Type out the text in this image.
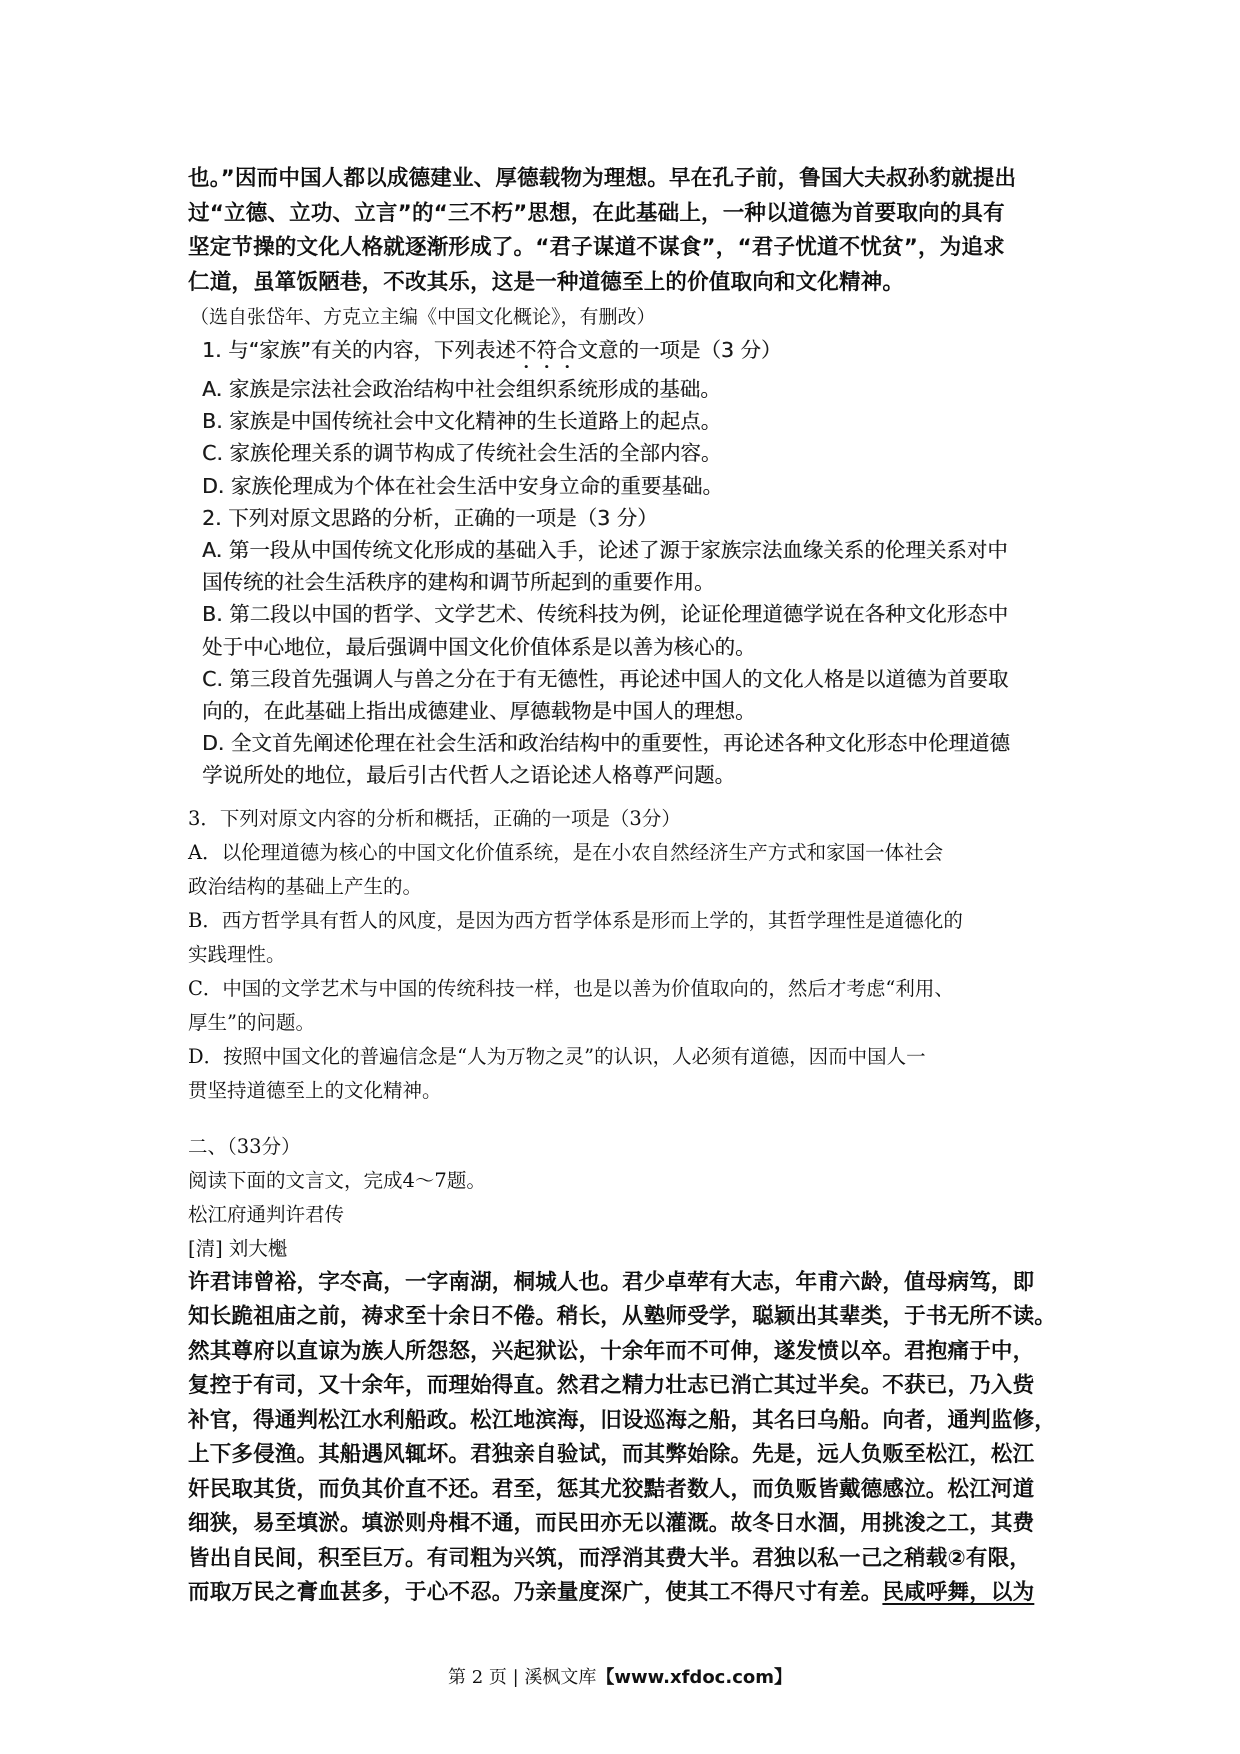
也。”因而中国人都以成德建业、厚德载物为理想。早在孔子前，鲁国大夫叔孙豹就提出
过“立德、立功、立言”的“三不朽”思想，在此基础上，一种以道德为首要取向的具有
坚定节操的文化人格就逐渐形成了。“君子谋道不谋食”，“君子忧道不忧贫”，为追求
仁道，虽箪饭陋巷，不改其乐，这是一种道德至上的价值取向和文化精神。

（选自张岱年、方克立主编《中国文化概论》，有删改）

1. 与“家族”有关的内容，下列表述不符合文意的一项是（3 分）
A. 家族是宗法社会政治结构中社会组织系统形成的基础。
B. 家族是中国传统社会中文化精神的生长道路上的起点。
C. 家族伦理关系的调节构成了传统社会生活的全部内容。
D. 家族伦理成为个体在社会生活中安身立命的重要基础。
2. 下列对原文思路的分析，正确的一项是（3 分）
A. 第一段从中国传统文化形成的基础入手，论述了源于家族宗法血缘关系的伦理关系对中
国传统的社会生活秩序的建构和调节所起到的重要作用。
B. 第二段以中国的哲学、文学艺术、传统科技为例，论证伦理道德学说在各种文化形态中
处于中心地位，最后强调中国文化价值体系是以善为核心的。
C. 第三段首先强调人与兽之分在于有无德性，再论述中国人的文化人格是以道德为首要取
向的，在此基础上指出成德建业、厚德载物是中国人的理想。
D. 全文首先阐述伦理在社会生活和政治结构中的重要性，再论述各种文化形态中伦理道德
学说所处的地位，最后引古代哲人之语论述人格尊严问题。
3．下列对原文内容的分析和概括，正确的一项是（3分）
A．以伦理道德为核心的中国文化价值系统，是在小农自然经济生产方式和家国一体社会
政治结构的基础上产生的。
B．西方哲学具有哲人的风度，是因为西方哲学体系是形而上学的，其哲学理性是道德化的
实践理性。
C．中国的文学艺术与中国的传统科技一样，也是以善为价值取向的，然后才考虑“利用、
厚生”的问题。
D．按照中国文化的普遍信念是“人为万物之灵”的认识，人必须有道德，因而中国人一
贯坚持道德至上的文化精神。
二、（33分）
阅读下面的文言文，完成4～7题。
松江府通判许君传
[清] 刘大櫆
许君讳曾裕，字冭高，一字南湖，桐城人也。君少卓荦有大志，年甫六龄，值母病笃，即
知长跪祖庙之前，祷求至十余日不倦。稍长，从塾师受学，聪颖出其辈类，于书无所不读。
然其尊府以直谅为族人所怨怒，兴起狱讼，十余年而不可伸，遂发愤以卒。君抱痛于中，
复控于有司，又十余年，而理始得直。然君之精力壮志已消亡其过半矣。不获已，乃入赀
补官，得通判松江水利船政。松江地滨海，旧设巡海之船，其名曰乌船。向者，通判监修，
上下多侵渔。其船遇风辄坏。君独亲自验试，而其弊始除。先是，远人负贩至松江，松江
奸民取其货，而负其价直不还。君至，惩其尤狡黠者数人，而负贩皆戴德感泣。松江河道
细狭，易至填淤。填淤则舟楫不通，而民田亦无以灌溉。故冬日水涸，用挑浚之工，其费
皆出自民间，积至巨万。有司粗为兴筑，而浮消其费大半。君独以私一己之稍载②有限，
而取万民之膏血甚多，于心不忍。乃亲量度深广，使其工不得尺寸有差。民咸呼舞，以为
第 2 页 | 溪枫文库【www.xfdoc.com】
